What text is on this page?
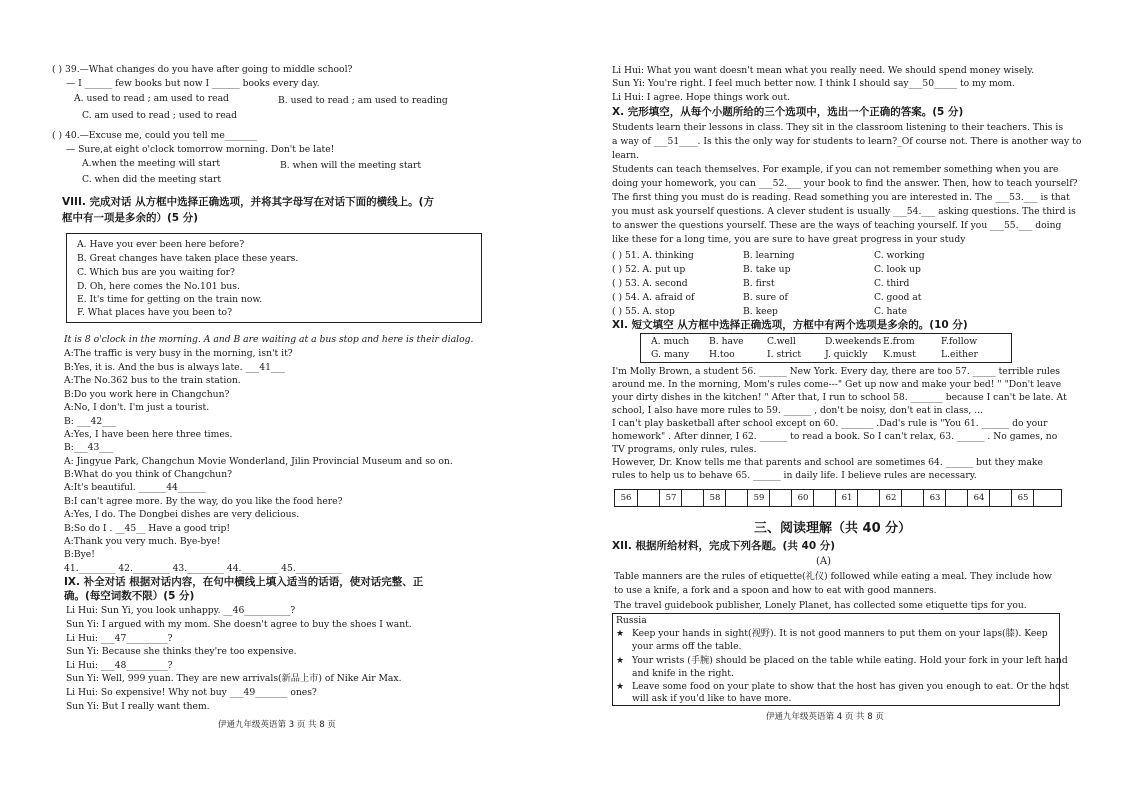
( ) 39.—What changes do you have after going to middle school?
— I ______ few books but now I ______ books every day.
A. used to read ; am used to read	B. used to read ; am used to reading
C. am used to read ; used to read
( ) 40.—Excuse me, could you tell me_______
— Sure,at eight o'clock tomorrow morning. Don't be late!
A.when the meeting will start	B. when will the meeting start
C. when did the meeting start
VIII. 完成对话 从方框中选择正确选项，并将其字母写在对话下面的横线上。(方
框中有一项是多余的）(5 分)
A. Have you ever been here before?
B. Great changes have taken place these years.
C. Which bus are you waiting for?
D. Oh, here comes the No.101 bus.
E. It's time for getting on the train now.
F. What places have you been to?
It is 8 o'clock in the morning. A and B are waiting at a bus stop and here is their dialog.
A:The traffic is very busy in the morning, isn't it?
B:Yes, it is. And the bus is always late. ___41___
A:The No.362 bus to the train station.
B:Do you work here in Changchun?
A:No, I don't. I'm just a tourist.
B: ___42___
A:Yes, I have been here three times.
B:___43___
A: Jingyue Park, Changchun Movie Wonderland, Jilin Provincial Museum and so on.
B:What do you think of Changchun?
A:It's beautiful. ______44______
B:I can't agree more. By the way, do you like the food here?
A:Yes, I do. The Dongbei dishes are very delicious.
B:So do I . __45__ Have a good trip!
A:Thank you very much. Bye-bye!
B:Bye!
41.________ 42.________ 43.________ 44.________ 45.__________
IX. 补全对话 根据对话内容，在句中横线上填入适当的话语，使对话完整、正
确。(每空词数不限）(5 分)
Li Hui: Sun Yi, you look unhappy. __46__________?
Sun Yi: I argued with my mom. She doesn't agree to buy the shoes I want.
Li Hui: ___47_________?
Sun Yi: Because she thinks they're too expensive.
Li Hui: ___48_________?
Sun Yi: Well, 999 yuan. They are new arrivals(新品上市) of Nike Air Max.
Li Hui: So expensive! Why not buy ___49_______ ones?
Sun Yi: But I really want them.
伊通九年级英语第 3 页 共 8 页
Li Hui: What you want doesn't mean what you really need. We should spend money wisely.
Sun Yi: You're right. I feel much better now. I think I should say___50_____ to my mom.
Li Hui: I agree. Hope things work out.
X. 完形填空，从每个小题所给的三个选项中，选出一个正确的答案。(5 分)
Students learn their lessons in class. They sit in the classroom listening to their teachers. This is
a way of ___51____. Is this the only way for students to learn?_Of course not. There is another way to
learn.
Students can teach themselves. For example, if you can not remember something when you are
doing your homework, you can ___52.___ your book to find the answer. Then, how to teach yourself?
The first thing you must do is reading. Read something you are interested in. The ___53.___ is that
you must ask yourself questions. A clever student is usually ___54.___ asking questions. The third is
to answer the questions yourself. These are the ways of teaching yourself. If you ___55.___ doing
like these for a long time, you are sure to have great progress in your study
( ) 51. A. thinking	B. learning	C. working
( ) 52. A. put up	B. take up	C. look up
( ) 53. A. second	B. first	C. third
( ) 54. A. afraid of	B. sure of	C. good at
( ) 55. A. stop	B. keep	C. hate
XI. 短文填空 从方框中选择正确选项，方框中有两个选项是多余的。(10 分)
A. much B. have	C.well	D.weekends E.from	F.follow
G. many H.too	I. strict	J. quickly K.must	L.either
I'm Molly Brown, a student 56. ______ New York. Every day, there are too 57. _____ terrible rules
around me. In the morning, Mom's rules come---" Get up now and make your bed! " "Don't leave
your dirty dishes in the kitchen! " After that, I run to school 58. _______ because I can't be late. At
school, I also have more rules to 59. ______ , don't be noisy, don't eat in class, ...
I can't play basketball after school except on 60. _______ .Dad's rule is "You 61. ______ do your
homework" . After dinner, I 62. ______ to read a book. So I can't relax, 63. ______ . No games, no
TV programs, only rules, rules.
However, Dr. Know tells me that parents and school are sometimes 64. ______ but they make
rules to help us to behave 65. ______ in daily life. I believe rules are necessary.
56	57	58	59	60	61	62	63	64	65
三、阅读理解（共 40 分）
XII. 根据所给材料，完成下列各题。(共 40 分)
(A)
Table manners are the rules of etiquette(礼仪) followed while eating a meal. They include how
to use a knife, a fork and a spoon and how to eat with good manners.
The travel guidebook publisher, Lonely Planet, has collected some etiquette tips for you.
Russia
★ Keep your hands in sight(视野). It is not good manners to put them on your laps(膝). Keep
your arms off the table.
★ Your wrists (手腕) should be placed on the table while eating. Hold your fork in your left hand
and knife in the right.
★ Leave some food on your plate to show that the host has given you enough to eat. Or the host
will ask if you'd like to have more.
伊通九年级英语第 4 页 共 8 页
